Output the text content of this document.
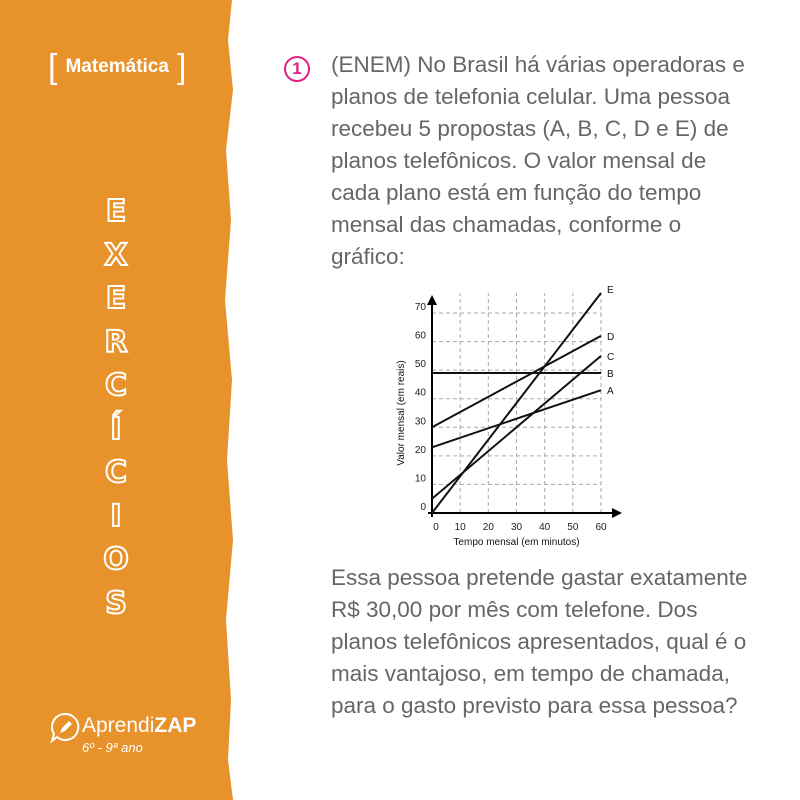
[ Matemática ]
E
X
E
R
C
Í
C
I
O
S
AprendiZAP
6º - 9ª ano
1	(ENEM) No Brasil há várias operadoras e planos de telefonia celular. Uma pessoa recebeu 5 propostas (A, B, C, D e E) de planos telefônicos. O valor mensal de cada plano está em função do tempo mensal das chamadas, conforme o gráfico:
0 10 20 30 40 50 60
0
10
20
30
40
50
60
70
A
B
C
D
E
Tempo mensal (em minutos)
Valor mensal (em reais)
Essa pessoa pretende gastar exatamente R$ 30,00 por mês com telefone. Dos planos telefônicos apresentados, qual é o mais vantajoso, em tempo de chamada, para o gasto previsto para essa pessoa?
